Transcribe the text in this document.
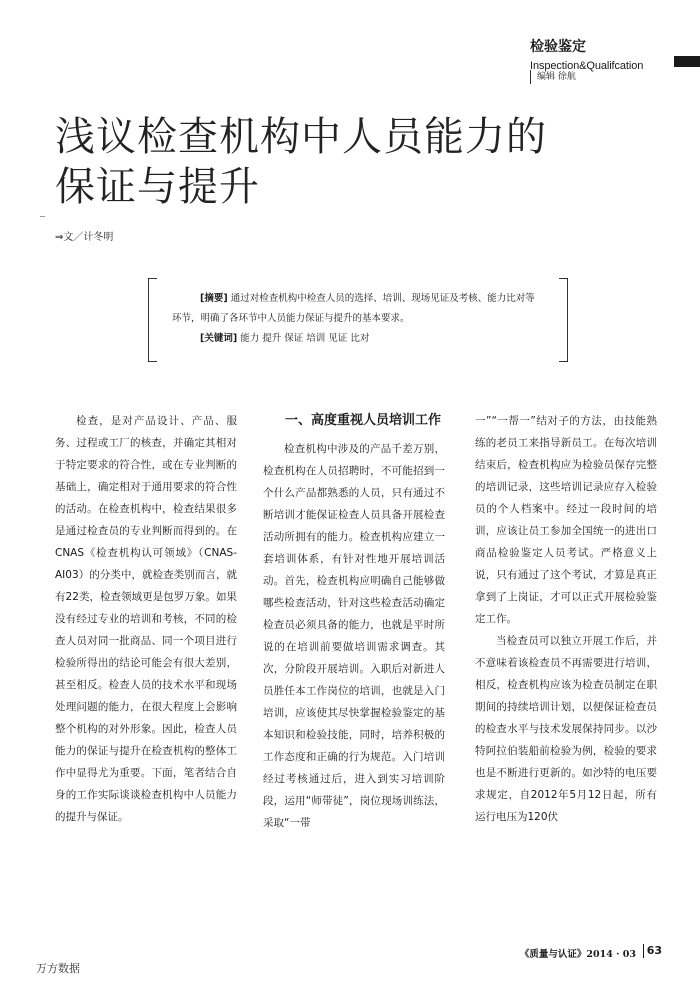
检验鉴定
Inspection&Qualifcation
编辑 徐航
浅议检查机构中人员能力的
保证与提升
⇒文／计冬明
[摘要] 通过对检查机构中检查人员的选择、培训、现场见证及考核、能力比对等环节，明确了各环节中人员能力保证与提升的基本要求。
[关键词] 能力 提升 保证 培训 见证 比对

检查，是对产品设计、产品、服务、过程或工厂的核查，并确定其相对于特定要求的符合性，或在专业判断的基础上，确定相对于通用要求的符合性的活动。在检查机构中，检查结果很多是通过检查员的专业判断而得到的。在CNAS《检查机构认可领域》（CNAS-AI03）的分类中，就检查类别而言，就有22类，检查领域更是包罗万象。如果没有经过专业的培训和考核，不同的检查人员对同一批商品、同一个项目进行检验所得出的结论可能会有很大差别，甚至相反。检查人员的技术水平和现场处理问题的能力，在很大程度上会影响整个机构的对外形象。因此，检查人员能力的保证与提升在检查机构的整体工作中显得尤为重要。下面，笔者结合自身的工作实际谈谈检查机构中人员能力的提升与保证。

一、高度重视人员培训工作

检查机构中涉及的产品千差万别，检查机构在人员招聘时，不可能招到一个什么产品都熟悉的人员，只有通过不断培训才能保证检查人员具备开展检查活动所拥有的能力。检查机构应建立一套培训体系，有针对性地开展培训活动。首先，检查机构应明确自己能够做哪些检查活动，针对这些检查活动确定检查员必须具备的能力，也就是平时所说的在培训前要做培训需求调查。其次，分阶段开展培训。入职后对新进人员胜任本工作岗位的培训，也就是入门培训，应该使其尽快掌握检验鉴定的基本知识和检验技能，同时，培养积极的工作态度和正确的行为规范。入门培训经过考核通过后，进入到实习培训阶段，运用“师带徒”，岗位现场训练法，采取“一带

一”“一帮一”结对子的方法，由技能熟练的老员工来指导新员工。在每次培训结束后，检查机构应为检验员保存完整的培训记录，这些培训记录应存入检验员的个人档案中。经过一段时间的培训，应该让员工参加全国统一的进出口商品检验鉴定人员考试。严格意义上说，只有通过了这个考试，才算是真正拿到了上岗证，才可以正式开展检验鉴定工作。

当检查员可以独立开展工作后，并不意味着该检查员不再需要进行培训，相反，检查机构应该为检查员制定在职期间的持续培训计划，以便保证检查员的检查水平与技术发展保持同步。以沙特阿拉伯装船前检验为例，检验的要求也是不断进行更新的。如沙特的电压要求规定，自2012年5月12日起，所有运行电压为120伏

《质量与认证》2014 · 03 63
万方数据
